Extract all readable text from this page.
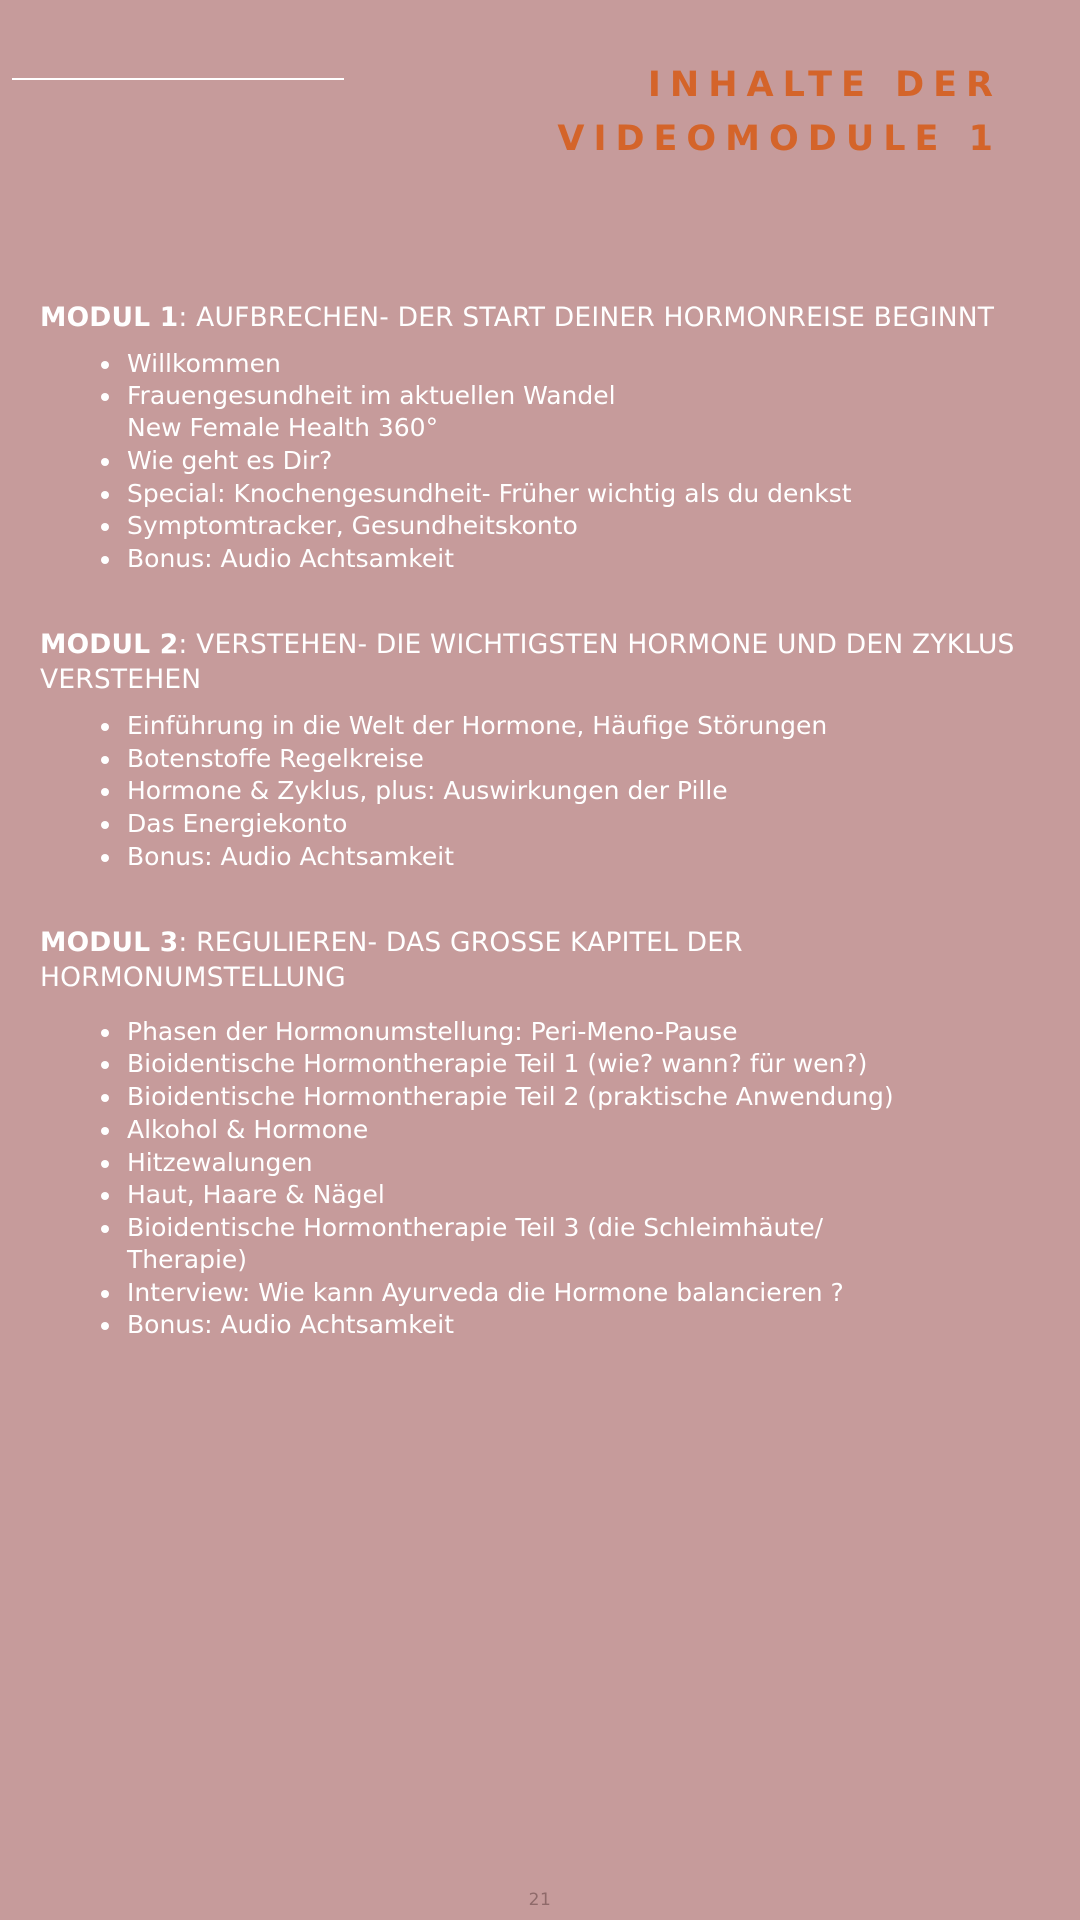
INHALTE DER VIDEOMODULE 1

MODUL 1: AUFBRECHEN- DER START DEINER HORMONREISE BEGINNT

Willkommen
Frauengesundheit im aktuellen Wandel
New Female Health 360°
Wie geht es Dir?
Special: Knochengesundheit- Früher wichtig als du denkst
Symptomtracker, Gesundheitskonto
Bonus: Audio Achtsamkeit

MODUL 2: VERSTEHEN- DIE WICHTIGSTEN HORMONE UND DEN ZYKLUS VERSTEHEN

Einführung in die Welt der Hormone, Häufige Störungen
Botenstoffe Regelkreise
Hormone & Zyklus, plus: Auswirkungen der Pille
Das Energiekonto
Bonus: Audio Achtsamkeit

MODUL 3: REGULIEREN- DAS GROSSE KAPITEL DER HORMONUMSTELLUNG

Phasen der Hormonumstellung: Peri-Meno-Pause
Bioidentische Hormontherapie Teil 1 (wie? wann? für wen?)
Bioidentische Hormontherapie Teil 2 (praktische Anwendung)
Alkohol & Hormone
Hitzewalungen
Haut, Haare & Nägel
Bioidentische Hormontherapie Teil 3 (die Schleimhäute/
Therapie)
Interview: Wie kann Ayurveda die Hormone balancieren ?
Bonus: Audio Achtsamkeit
21
